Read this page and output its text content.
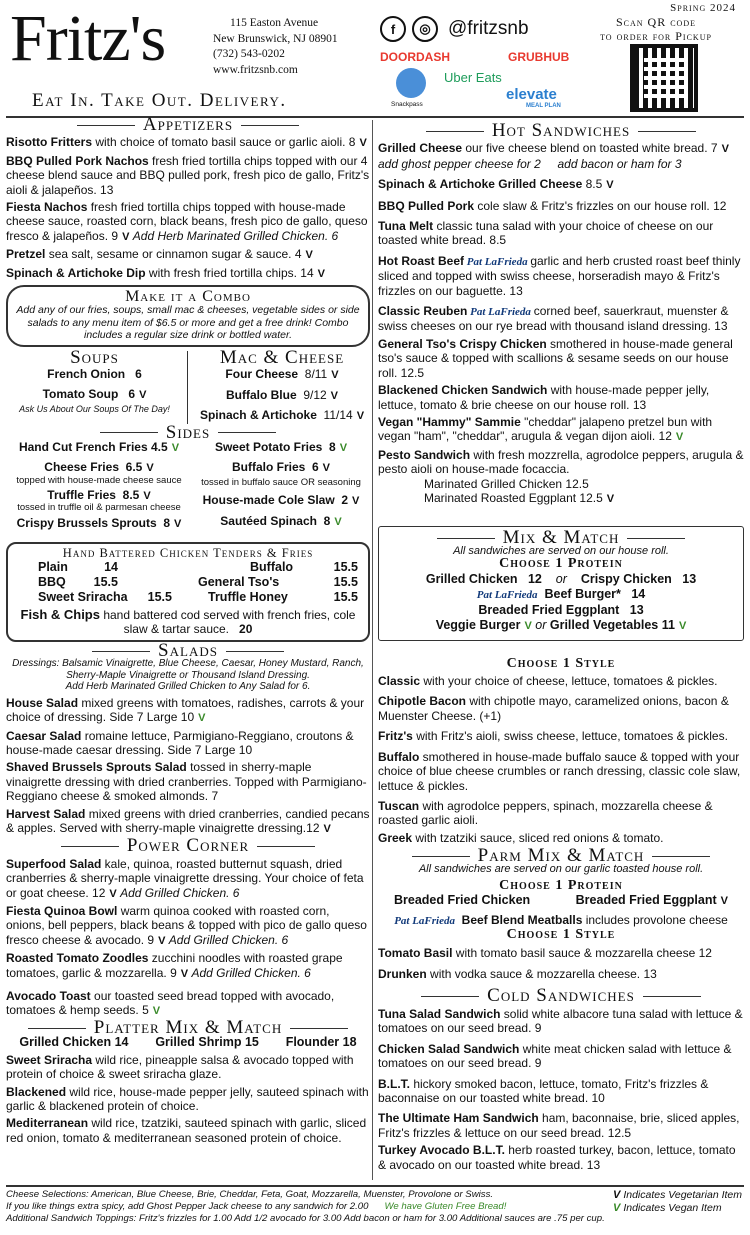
Fritz's	115 Easton Avenue
New Brunswick, NJ 08901
(732) 543-0202
www.fritzsnb.com
Eat In. Take Out. Delivery.
f	◎ @fritzsnb
DOORDASH	GRUBHUB
Uber Eats
elevate
Snackpass	MEAL PLAN
Spring 2024
Scan QR code
to order for Pickup
Appetizers
Risotto Fritters with choice of tomato basil sauce or garlic aioli. 8 V
BBQ Pulled Pork Nachos fresh fried tortilla chips topped with our 4 cheese blend sauce and BBQ pulled pork, fresh pico de gallo, Fritz's aioli & jalapeños. 13
Fiesta Nachos fresh fried tortilla chips topped with house-made cheese sauce, roasted corn, black beans, fresh pico de gallo, queso fresco & jalapeños. 9 V Add Herb Marinated Grilled Chicken. 6
Pretzel sea salt, sesame or cinnamon sugar & sauce. 4 V
Spinach & Artichoke Dip with fresh fried tortilla chips. 14 V
Make it a Combo
Add any of our fries, soups, small mac & cheeses, vegetable sides or side salads to any menu item of $6.5 or more and get a free drink! Combo includes a regular size drink or bottled water.
Soups
French Onion 6
Tomato Soup 6 V
Ask Us About Our Soups Of The Day!
Mac & Cheese
Four Cheese 8/11 V
Buffalo Blue 9/12 V
Spinach & Artichoke 11/14 V
Sides
Hand Cut French Fries 4.5 V
Cheese Fries 6.5 V
topped with house-made cheese sauce
Truffle Fries 8.5 V
tossed in truffle oil & parmesan cheese
Crispy Brussels Sprouts 8 V
Sweet Potato Fries 8 V
Buffalo Fries 6 V
tossed in buffalo sauce OR seasoning
House-made Cole Slaw 2 V
Sautéed Spinach 8 V
Hand Battered Chicken Tenders & Fries
Plain	14
BBQ 15.5
Sweet Sriracha 15.5
Buffalo	15.5
General Tso's	15.5
Truffle Honey	15.5
Fish & Chips hand battered cod served with french fries, cole slaw & tartar sauce. 20
Salads
Dressings: Balsamic Vinaigrette, Blue Cheese, Caesar, Honey Mustard, Ranch, Sherry-Maple Vinaigrette or Thousand Island Dressing.
Add Herb Marinated Grilled Chicken to Any Salad for 6.
House Salad mixed greens with tomatoes, radishes, carrots & your choice of dressing. Side 7 Large 10 V
Caesar Salad romaine lettuce, Parmigiano-Reggiano, croutons & house-made caesar dressing. Side 7 Large 10
Shaved Brussels Sprouts Salad tossed in sherry-maple vinaigrette dressing with dried cranberries. Topped with Parmigiano-Reggiano cheese & smoked almonds. 7
Harvest Salad mixed greens with dried cranberries, candied pecans & apples. Served with sherry-maple vinaigrette dressing.12 V
Power Corner
Superfood Salad kale, quinoa, roasted butternut squash, dried cranberries & sherry-maple vinaigrette dressing. Your choice of feta or goat cheese. 12 V Add Grilled Chicken. 6
Fiesta Quinoa Bowl warm quinoa cooked with roasted corn, onions, bell peppers, black beans & topped with pico de gallo queso fresco cheese & avocado. 9 V Add Grilled Chicken. 6
Roasted Tomato Zoodles zucchini noodles with roasted grape tomatoes, garlic & mozzarella. 9 V Add Grilled Chicken. 6
Avocado Toast our toasted seed bread topped with avocado, tomatoes & hemp seeds. 5 V
Platter Mix & Match
Grilled Chicken 14 Grilled Shrimp 15 Flounder 18
Sweet Sriracha wild rice, pineapple salsa & avocado topped with protein of choice & sweet sriracha glaze.
Blackened wild rice, house-made pepper jelly, sauteed spinach with garlic & blackened protein of choice.
Mediterranean wild rice, tzatziki, sauteed spinach with garlic, sliced red onion, tomato & mediterranean seasoned protein of choice.
Hot Sandwiches
Grilled Cheese our five cheese blend on toasted white bread. 7 V
add ghost pepper cheese for 2 add bacon or ham for 3
Spinach & Artichoke Grilled Cheese 8.5 V
BBQ Pulled Pork cole slaw & Fritz's frizzles on our house roll. 12
Tuna Melt classic tuna salad with your choice of cheese on our toasted white bread. 8.5
Hot Roast Beef Pat LaFrieda garlic and herb crusted roast beef thinly sliced and topped with swiss cheese, horseradish mayo & Fritz's frizzles on our baguette. 13
Classic Reuben Pat LaFrieda corned beef, sauerkraut, muenster & swiss cheeses on our rye bread with thousand island dressing. 13
General Tso's Crispy Chicken smothered in house-made general tso's sauce & topped with scallions & sesame seeds on our house roll. 12.5
Blackened Chicken Sandwich with house-made pepper jelly, lettuce, tomato & brie cheese on our house roll. 13
Vegan "Hammy" Sammie "cheddar" jalapeno pretzel bun with vegan "ham", "cheddar", arugula & vegan dijon aioli. 12 V
Pesto Sandwich with fresh mozzrella, agrodolce peppers, arugula & pesto aioli on house-made focaccia.
Marinated Grilled Chicken 12.5
Marinated Roasted Eggplant 12.5 V
Mix & Match
All sandwiches are served on our house roll.
Choose 1 Protein
Grilled Chicken 12 or Crispy Chicken 13
Pat LaFrieda Beef Burger* 14
Breaded Fried Eggplant 13
Veggie Burger V or Grilled Vegetables 11 V
Choose 1 Style
Classic with your choice of cheese, lettuce, tomatoes & pickles.
Chipotle Bacon with chipotle mayo, caramelized onions, bacon & Muenster Cheese. (+1)
Fritz's with Fritz's aioli, swiss cheese, lettuce, tomatoes & pickles.
Buffalo smothered in house-made buffalo sauce & topped with your choice of blue cheese crumbles or ranch dressing, classic cole slaw, lettuce & pickles.
Tuscan with agrodolce peppers, spinach, mozzarella cheese & roasted garlic aioli.
Greek with tzatziki sauce, sliced red onions & tomato.
Parm Mix & Match
All sandwiches are served on our garlic toasted house roll.
Choose 1 Protein
Breaded Fried Chicken	Breaded Fried Eggplant V
Pat LaFrieda Beef Blend Meatballs includes provolone cheese
Choose 1 Style
Tomato Basil with tomato basil sauce & mozzarella cheese 12
Drunken with vodka sauce & mozzarella cheese. 13
Cold Sandwiches
Tuna Salad Sandwich solid white albacore tuna salad with lettuce & tomatoes on our seed bread. 9
Chicken Salad Sandwich white meat chicken salad with lettuce & tomatoes on our seed bread. 9
B.L.T. hickory smoked bacon, lettuce, tomato, Fritz's frizzles & baconnaise on our toasted white bread. 10
The Ultimate Ham Sandwich ham, baconnaise, brie, sliced apples, Fritz's frizzles & lettuce on our seed bread. 12.5
Turkey Avocado B.L.T. herb roasted turkey, bacon, lettuce, tomato & avocado on our toasted white bread. 13
Cheese Selections: American, Blue Cheese, Brie, Cheddar, Feta, Goat, Mozzarella, Muenster, Provolone or Swiss.
If you like things extra spicy, add Ghost Pepper Jack cheese to any sandwich for 2.00 We have Gluten Free Bread!
Additional Sandwich Toppings: Fritz's frizzles for 1.00 Add 1/2 avocado for 3.00 Add bacon or ham for 3.00 Additional sauces are .75 per cup.
V Indicates Vegetarian Item
V Indicates Vegan Item
